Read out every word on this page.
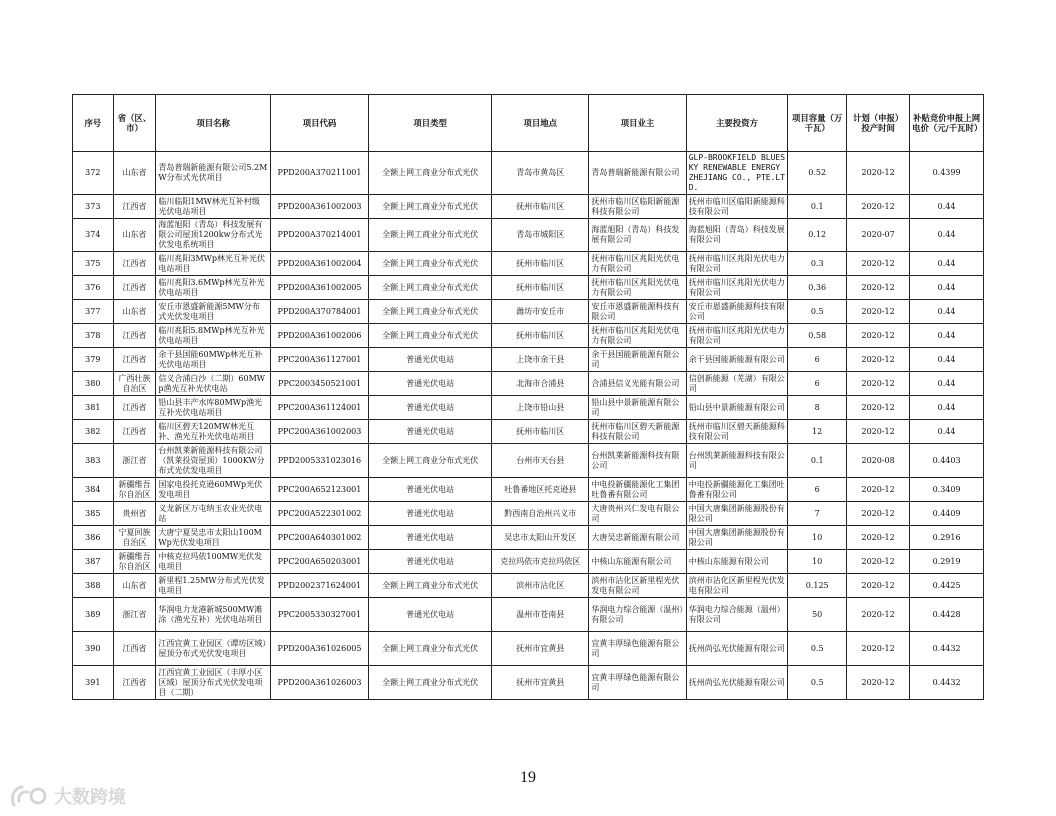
序号	省（区、市）	项目名称	项目代码	项目类型	项目地点	项目业主	主要投资方	项目容量（万千瓦）	计划（申报）投产时间	补贴竞价申报上网电价（元/千瓦时）
372	山东省	青岛普瑞新能源有限公司5.2MW分布式光伏项目	PPD200A370211001	全额上网工商业分布式光伏	青岛市黄岛区	青岛普瑞新能源有限公司	GLP-BROOKFIELD BLUESKY RENEWABLE ENERGY ZHEJIANG CO., PTE.LTD.	0.52	2020-12	0.4399
373	江西省	临川临阳1MW林光互补村级光伏电站项目	PPD200A361002003	全额上网工商业分布式光伏	抚州市临川区	抚州市临川区临阳新能源科技有限公司	抚州市临川区临阳新能源科技有限公司	0.1	2020-12	0.44
374	山东省	海蓝旭阳（青岛）科技发展有限公司屋顶1200kw分布式光伏发电系统项目	PPD200A370214001	全额上网工商业分布式光伏	青岛市城阳区	海蓝旭阳（青岛）科技发展有限公司	海蓝旭阳（青岛）科技发展有限公司	0.12	2020-07	0.44
375	江西省	临川兆阳3MWp林光互补光伏电站项目	PPD200A361002004	全额上网工商业分布式光伏	抚州市临川区	抚州市临川区兆阳光伏电力有限公司	抚州市临川区兆阳光伏电力有限公司	0.3	2020-12	0.44
376	江西省	临川兆阳3.6MWp林光互补光伏电站项目	PPD200A361002005	全额上网工商业分布式光伏	抚州市临川区	抚州市临川区兆阳光伏电力有限公司	抚州市临川区兆阳光伏电力有限公司	0.36	2020-12	0.44
377	山东省	安丘市恩盛新能源5MW分布式光伏发电项目	PPD200A370784001	全额上网工商业分布式光伏	潍坊市安丘市	安丘市恩盛新能源科技有限公司	安丘市恩盛新能源科技有限公司	0.5	2020-12	0.44
378	江西省	临川兆阳5.8MWp林光互补光伏电站项目	PPD200A361002006	全额上网工商业分布式光伏	抚州市临川区	抚州市临川区兆阳光伏电力有限公司	抚州市临川区兆阳光伏电力有限公司	0.58	2020-12	0.44
379	江西省	余干县国能60MWp林光互补光伏电站项目	PPC200A361127001	普通光伏电站	上饶市余干县	余干县国能新能源有限公司	余干县国能新能源有限公司	6	2020-12	0.44
380	广西壮族自治区	信义合浦白沙（二期）60MWp渔光互补光伏电站	PPC2003450521001	普通光伏电站	北海市合浦县	合浦县信义光能有限公司	信创新能源（芜湖）有限公司	6	2020-12	0.44
381	江西省	铅山县丰产水库80MWp渔光互补光伏电站项目	PPC200A361124001	普通光伏电站	上饶市铅山县	铅山县中景新能源有限公司	铅山县中景新能源有限公司	8	2020-12	0.44
382	江西省	临川区碧天120MW林光互补、渔光互补光伏电站项目	PPC200A361002003	普通光伏电站	抚州市临川区	抚州市临川区碧天新能源科技有限公司	抚州市临川区碧天新能源科技有限公司	12	2020-12	0.44
383	浙江省	台州凯莱新能源科技有限公司（凯莱投资屋顶）1000KW分布式光伏发电项目	PPD2005331023016	全额上网工商业分布式光伏	台州市天台县	台州凯莱新能源科技有限公司	台州凯莱新能源科技有限公司	0.1	2020-08	0.4403
384	新疆维吾尔自治区	国家电投托克逊60MWp光伏发电项目	PPC200A652123001	普通光伏电站	吐鲁番地区托克逊县	中电投新疆能源化工集团吐鲁番有限公司	中电投新疆能源化工集团吐鲁番有限公司	6	2020-12	0.3409
385	贵州省	义龙新区万屯纳玉农业光伏电站	PPC200A522301002	普通光伏电站	黔西南自治州兴义市	大唐贵州兴仁发电有限公司	中国大唐集团新能源股份有限公司	7	2020-12	0.4409
386	宁夏回族自治区	大唐宁夏吴忠市太阳山100MWp光伏发电项目	PPC200A640301002	普通光伏电站	吴忠市太阳山开发区	大唐吴忠新能源有限公司	中国大唐集团新能源股份有限公司	10	2020-12	0.2916
387	新疆维吾尔自治区	中核克拉玛依100MW光伏发电项目	PPC200A650203001	普通光伏电站	克拉玛依市克拉玛依区	中核山东能源有限公司	中核山东能源有限公司	10	2020-12	0.2919
388	山东省	新里程1.25MW分布式光伏发电项目	PPD2002371624001	全额上网工商业分布式光伏	滨州市沾化区	滨州市沾化区新里程光伏发电有限公司	滨州市沾化区新里程光伏发电有限公司	0.125	2020-12	0.4425
389	浙江省	华润电力龙港新城500MW滩涂（渔光互补）光伏电站项目	PPC2005330327001	普通光伏电站	温州市苍南县	华润电力综合能源（温州）有限公司	华润电力综合能源（温州）有限公司	50	2020-12	0.4428
390	江西省	江西宜黄工业园区（谭坊区域）屋顶分布式光伏发电项目	PPD200A361026005	全额上网工商业分布式光伏	抚州市宜黄县	宜黄丰厚绿色能源有限公司	抚州尚弘光伏能源有限公司	0.5	2020-12	0.4432
391	江西省	江西宜黄工业园区（丰厚小区区域）屋顶分布式光伏发电项目（二期）	PPD200A361026003	全额上网工商业分布式光伏	抚州市宜黄县	宜黄丰厚绿色能源有限公司	抚州尚弘光伏能源有限公司	0.5	2020-12	0.4432
19
大数跨境
